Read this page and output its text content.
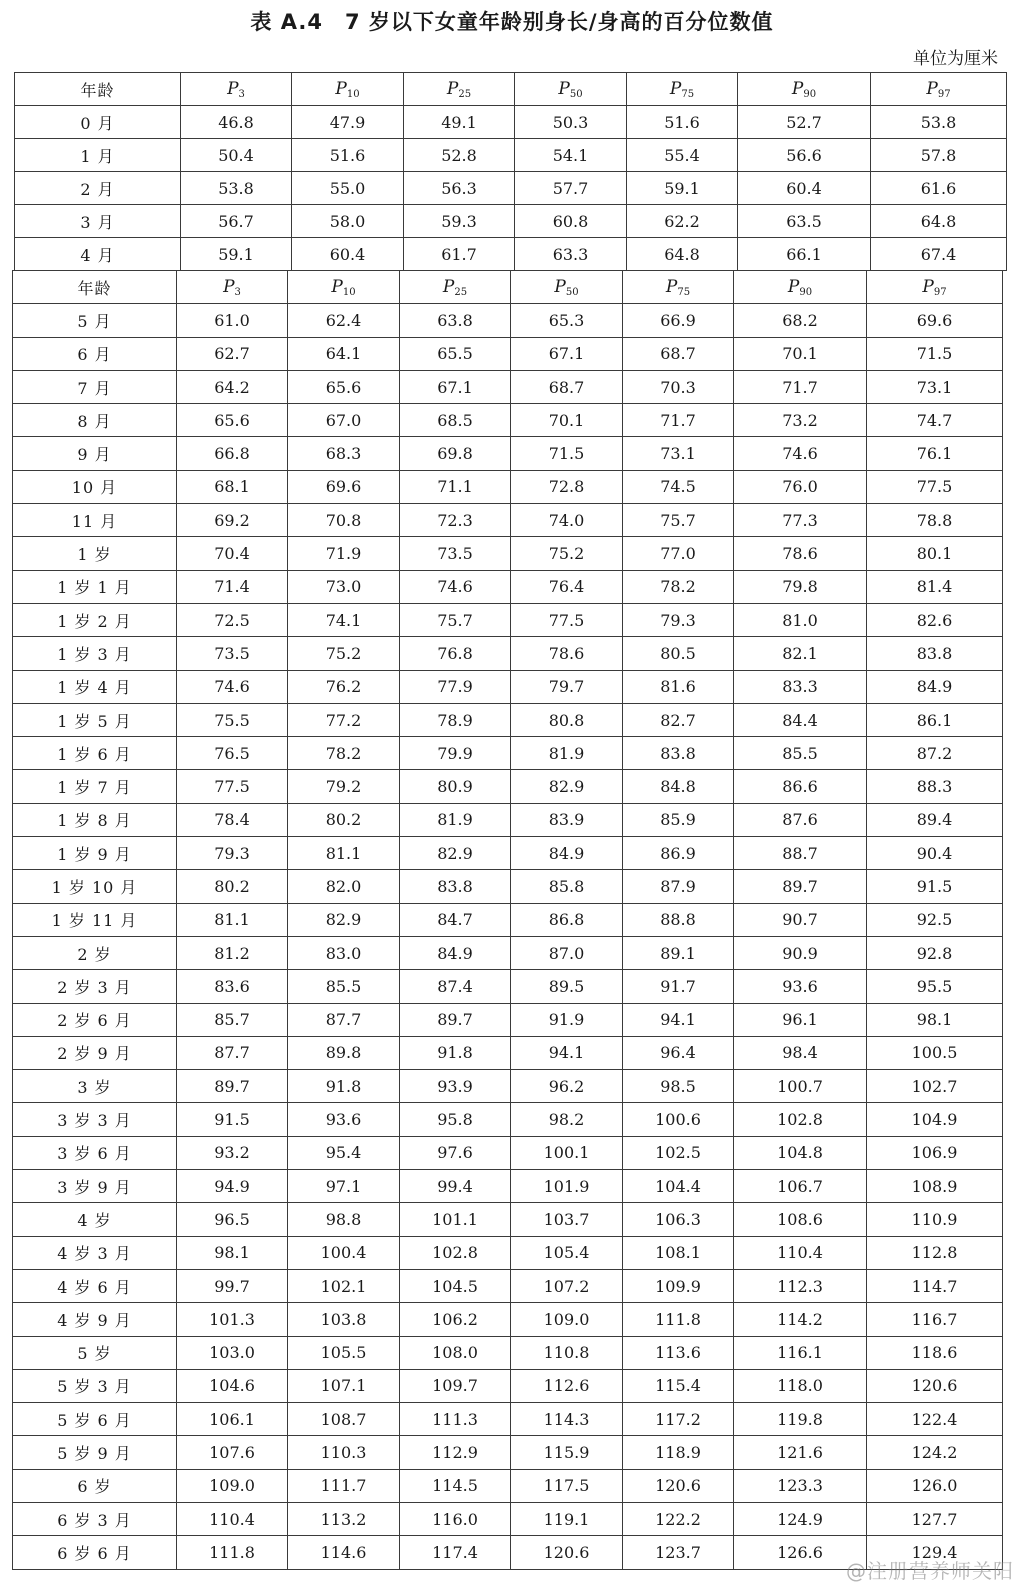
表 A.4　7 岁以下女童年龄别身长/身高的百分位数值
单位为厘米
年龄	$P_3$	$P_{10}$	$P_{25}$	$P_{50}$	$P_{75}$	$P_{90}$	$P_{97}$
0 月	46.8	47.9	49.1	50.3	51.6	52.7	53.8
1 月	50.4	51.6	52.8	54.1	55.4	56.6	57.8
2 月	53.8	55.0	56.3	57.7	59.1	60.4	61.6
3 月	56.7	58.0	59.3	60.8	62.2	63.5	64.8
4 月	59.1	60.4	61.7	63.3	64.8	66.1	67.4
年龄	$P_3$	$P_{10}$	$P_{25}$	$P_{50}$	$P_{75}$	$P_{90}$	$P_{97}$
5 月	61.0	62.4	63.8	65.3	66.9	68.2	69.6
6 月	62.7	64.1	65.5	67.1	68.7	70.1	71.5
7 月	64.2	65.6	67.1	68.7	70.3	71.7	73.1
8 月	65.6	67.0	68.5	70.1	71.7	73.2	74.7
9 月	66.8	68.3	69.8	71.5	73.1	74.6	76.1
10 月	68.1	69.6	71.1	72.8	74.5	76.0	77.5
11 月	69.2	70.8	72.3	74.0	75.7	77.3	78.8
1 岁	70.4	71.9	73.5	75.2	77.0	78.6	80.1
1 岁 1 月	71.4	73.0	74.6	76.4	78.2	79.8	81.4
1 岁 2 月	72.5	74.1	75.7	77.5	79.3	81.0	82.6
1 岁 3 月	73.5	75.2	76.8	78.6	80.5	82.1	83.8
1 岁 4 月	74.6	76.2	77.9	79.7	81.6	83.3	84.9
1 岁 5 月	75.5	77.2	78.9	80.8	82.7	84.4	86.1
1 岁 6 月	76.5	78.2	79.9	81.9	83.8	85.5	87.2
1 岁 7 月	77.5	79.2	80.9	82.9	84.8	86.6	88.3
1 岁 8 月	78.4	80.2	81.9	83.9	85.9	87.6	89.4
1 岁 9 月	79.3	81.1	82.9	84.9	86.9	88.7	90.4
1 岁 10 月	80.2	82.0	83.8	85.8	87.9	89.7	91.5
1 岁 11 月	81.1	82.9	84.7	86.8	88.8	90.7	92.5
2 岁	81.2	83.0	84.9	87.0	89.1	90.9	92.8
2 岁 3 月	83.6	85.5	87.4	89.5	91.7	93.6	95.5
2 岁 6 月	85.7	87.7	89.7	91.9	94.1	96.1	98.1
2 岁 9 月	87.7	89.8	91.8	94.1	96.4	98.4	100.5
3 岁	89.7	91.8	93.9	96.2	98.5	100.7	102.7
3 岁 3 月	91.5	93.6	95.8	98.2	100.6	102.8	104.9
3 岁 6 月	93.2	95.4	97.6	100.1	102.5	104.8	106.9
3 岁 9 月	94.9	97.1	99.4	101.9	104.4	106.7	108.9
4 岁	96.5	98.8	101.1	103.7	106.3	108.6	110.9
4 岁 3 月	98.1	100.4	102.8	105.4	108.1	110.4	112.8
4 岁 6 月	99.7	102.1	104.5	107.2	109.9	112.3	114.7
4 岁 9 月	101.3	103.8	106.2	109.0	111.8	114.2	116.7
5 岁	103.0	105.5	108.0	110.8	113.6	116.1	118.6
5 岁 3 月	104.6	107.1	109.7	112.6	115.4	118.0	120.6
5 岁 6 月	106.1	108.7	111.3	114.3	117.2	119.8	122.4
5 岁 9 月	107.6	110.3	112.9	115.9	118.9	121.6	124.2
6 岁	109.0	111.7	114.5	117.5	120.6	123.3	126.0
6 岁 3 月	110.4	113.2	116.0	119.1	122.2	124.9	127.7
6 岁 6 月	111.8	114.6	117.4	120.6	123.7	126.6	129.4
@注册营养师关阳
